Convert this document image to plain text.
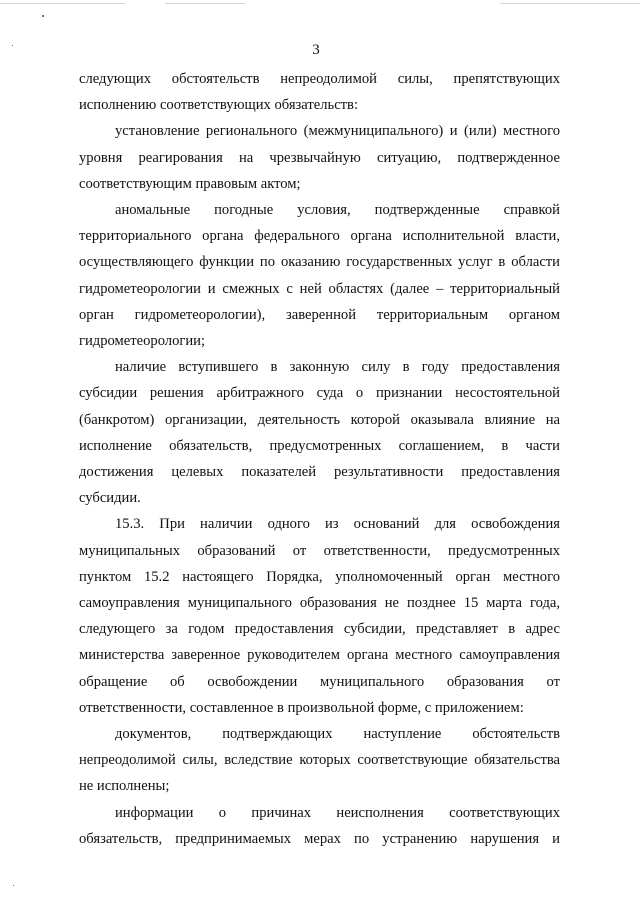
3

следующих обстоятельств непреодолимой силы, препятствующих исполнению соответствующих обязательств:

установление регионального (межмуниципального) и (или) местного уровня реагирования на чрезвычайную ситуацию, подтвержденное соответствующим правовым актом;

аномальные погодные условия, подтвержденные справкой территориального органа федерального органа исполнительной власти, осуществляющего функции по оказанию государственных услуг в области гидрометеорологии и смежных с ней областях (далее – территориальный орган гидрометеорологии), заверенной территориальным органом гидрометеорологии;

наличие вступившего в законную силу в году предоставления субсидии решения арбитражного суда о признании несостоятельной (банкротом) организации, деятельность которой оказывала влияние на исполнение обязательств, предусмотренных соглашением, в части достижения целевых показателей результативности предоставления субсидии.

15.3. При наличии одного из оснований для освобождения муниципальных образований от ответственности, предусмотренных пунктом 15.2 настоящего Порядка, уполномоченный орган местного самоуправления муниципального образования не позднее 15 марта года, следующего за годом предоставления субсидии, представляет в адрес министерства заверенное руководителем органа местного самоуправления обращение об освобождении муниципального образования от ответственности, составленное в произвольной форме, с приложением:

документов, подтверждающих наступление обстоятельств непреодолимой силы, вследствие которых соответствующие обязательства не исполнены;

информации о причинах неисполнения соответствующих обязательств, предпринимаемых мерах по устранению нарушения и
